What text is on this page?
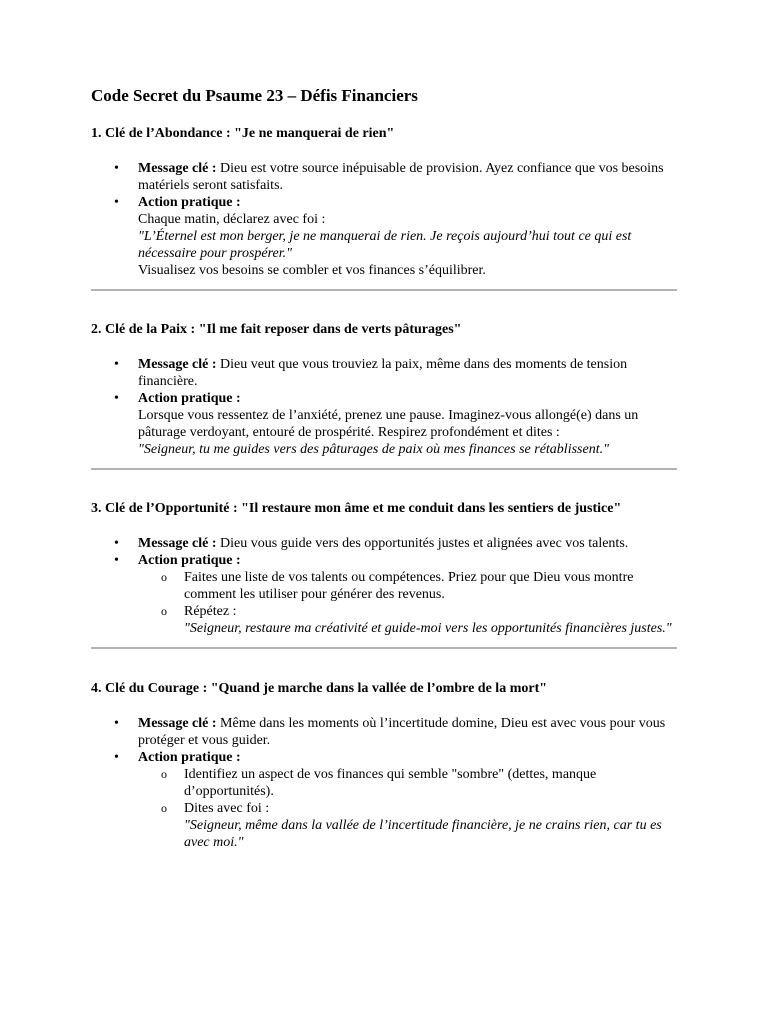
Code Secret du Psaume 23 – Défis Financiers
1. Clé de l’Abondance : "Je ne manquerai de rien"
• Message clé : Dieu est votre source inépuisable de provision. Ayez confiance que vos besoins matériels seront satisfaits.
• Action pratique :
Chaque matin, déclarez avec foi :
"L’Éternel est mon berger, je ne manquerai de rien. Je reçois aujourd’hui tout ce qui est nécessaire pour prospérer."
Visualisez vos besoins se combler et vos finances s’équilibrer.
2. Clé de la Paix : "Il me fait reposer dans de verts pâturages"
• Message clé : Dieu veut que vous trouviez la paix, même dans des moments de tension financière.
• Action pratique :
Lorsque vous ressentez de l’anxiété, prenez une pause. Imaginez-vous allongé(e) dans un pâturage verdoyant, entouré de prospérité. Respirez profondément et dites :
"Seigneur, tu me guides vers des pâturages de paix où mes finances se rétablissent."
3. Clé de l’Opportunité : "Il restaure mon âme et me conduit dans les sentiers de justice"
• Message clé : Dieu vous guide vers des opportunités justes et alignées avec vos talents.
• Action pratique :
o Faites une liste de vos talents ou compétences. Priez pour que Dieu vous montre comment les utiliser pour générer des revenus.
o Répétez :
"Seigneur, restaure ma créativité et guide-moi vers les opportunités financières justes."
4. Clé du Courage : "Quand je marche dans la vallée de l’ombre de la mort"
• Message clé : Même dans les moments où l’incertitude domine, Dieu est avec vous pour vous protéger et vous guider.
• Action pratique :
o Identifiez un aspect de vos finances qui semble "sombre" (dettes, manque d’opportunités).
o Dites avec foi :
"Seigneur, même dans la vallée de l’incertitude financière, je ne crains rien, car tu es avec moi."
